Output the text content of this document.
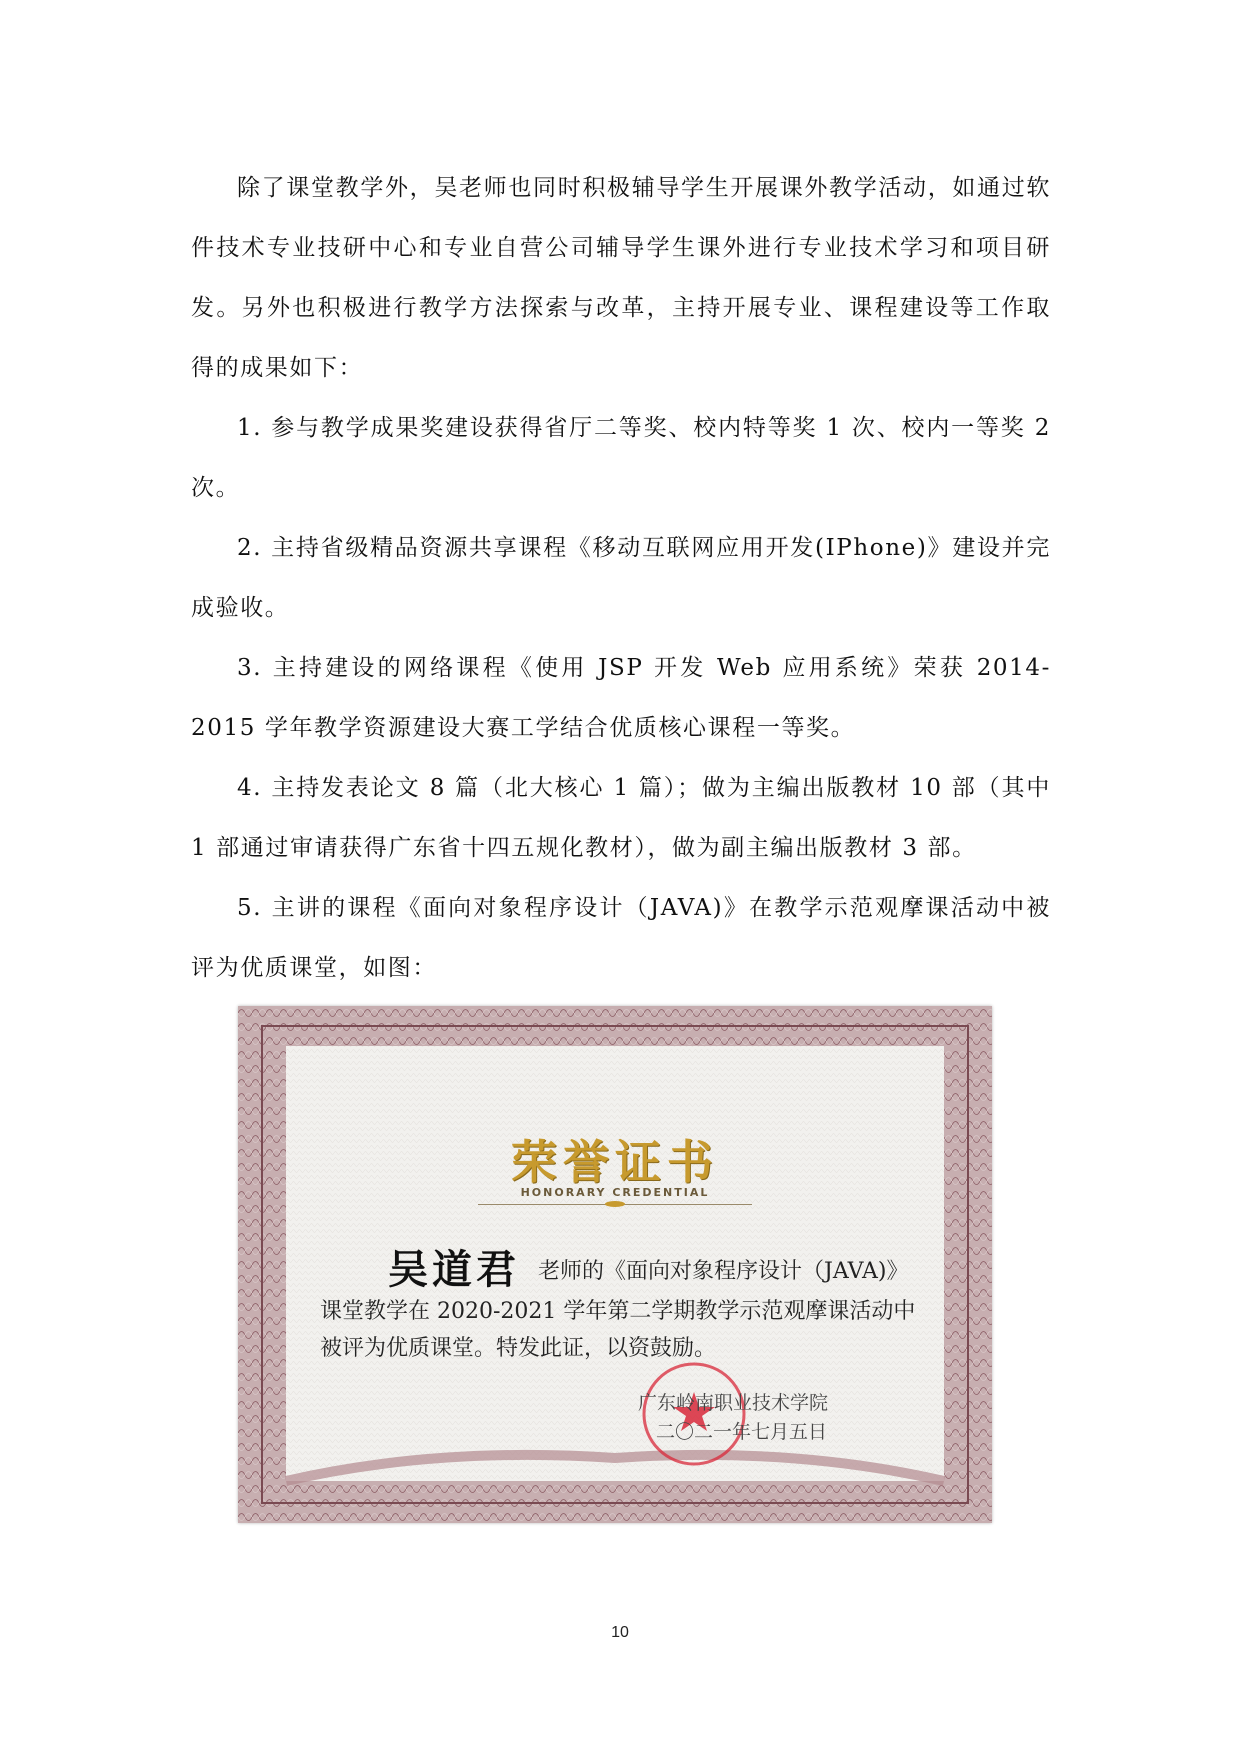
除了课堂教学外，吴老师也同时积极辅导学生开展课外教学活动，如通过软件技术专业技研中心和专业自营公司辅导学生课外进行专业技术学习和项目研发。另外也积极进行教学方法探索与改革，主持开展专业、课程建设等工作取得的成果如下：

1. 参与教学成果奖建设获得省厅二等奖、校内特等奖 1 次、校内一等奖 2 次。

2. 主持省级精品资源共享课程《移动互联网应用开发(IPhone)》建设并完成验收。

3. 主持建设的网络课程《使用 JSP 开发 Web 应用系统》荣获 2014-2015 学年教学资源建设大赛工学结合优质核心课程一等奖。

4. 主持发表论文 8 篇（北大核心 1 篇）；做为主编出版教材 10 部（其中 1 部通过审请获得广东省十四五规化教材），做为副主编出版教材 3 部。

5. 主讲的课程《面向对象程序设计（JAVA)》在教学示范观摩课活动中被评为优质课堂，如图：

荣誉证书
HONORARY CREDENTIAL
吴道君 老师的《面向对象程序设计（JAVA)》
课堂教学在 2020-2021 学年第二学期教学示范观摩课活动中
被评为优质课堂。特发此证，以资鼓励。
广东岭南职业技术学院
二〇二一年七月五日
10
